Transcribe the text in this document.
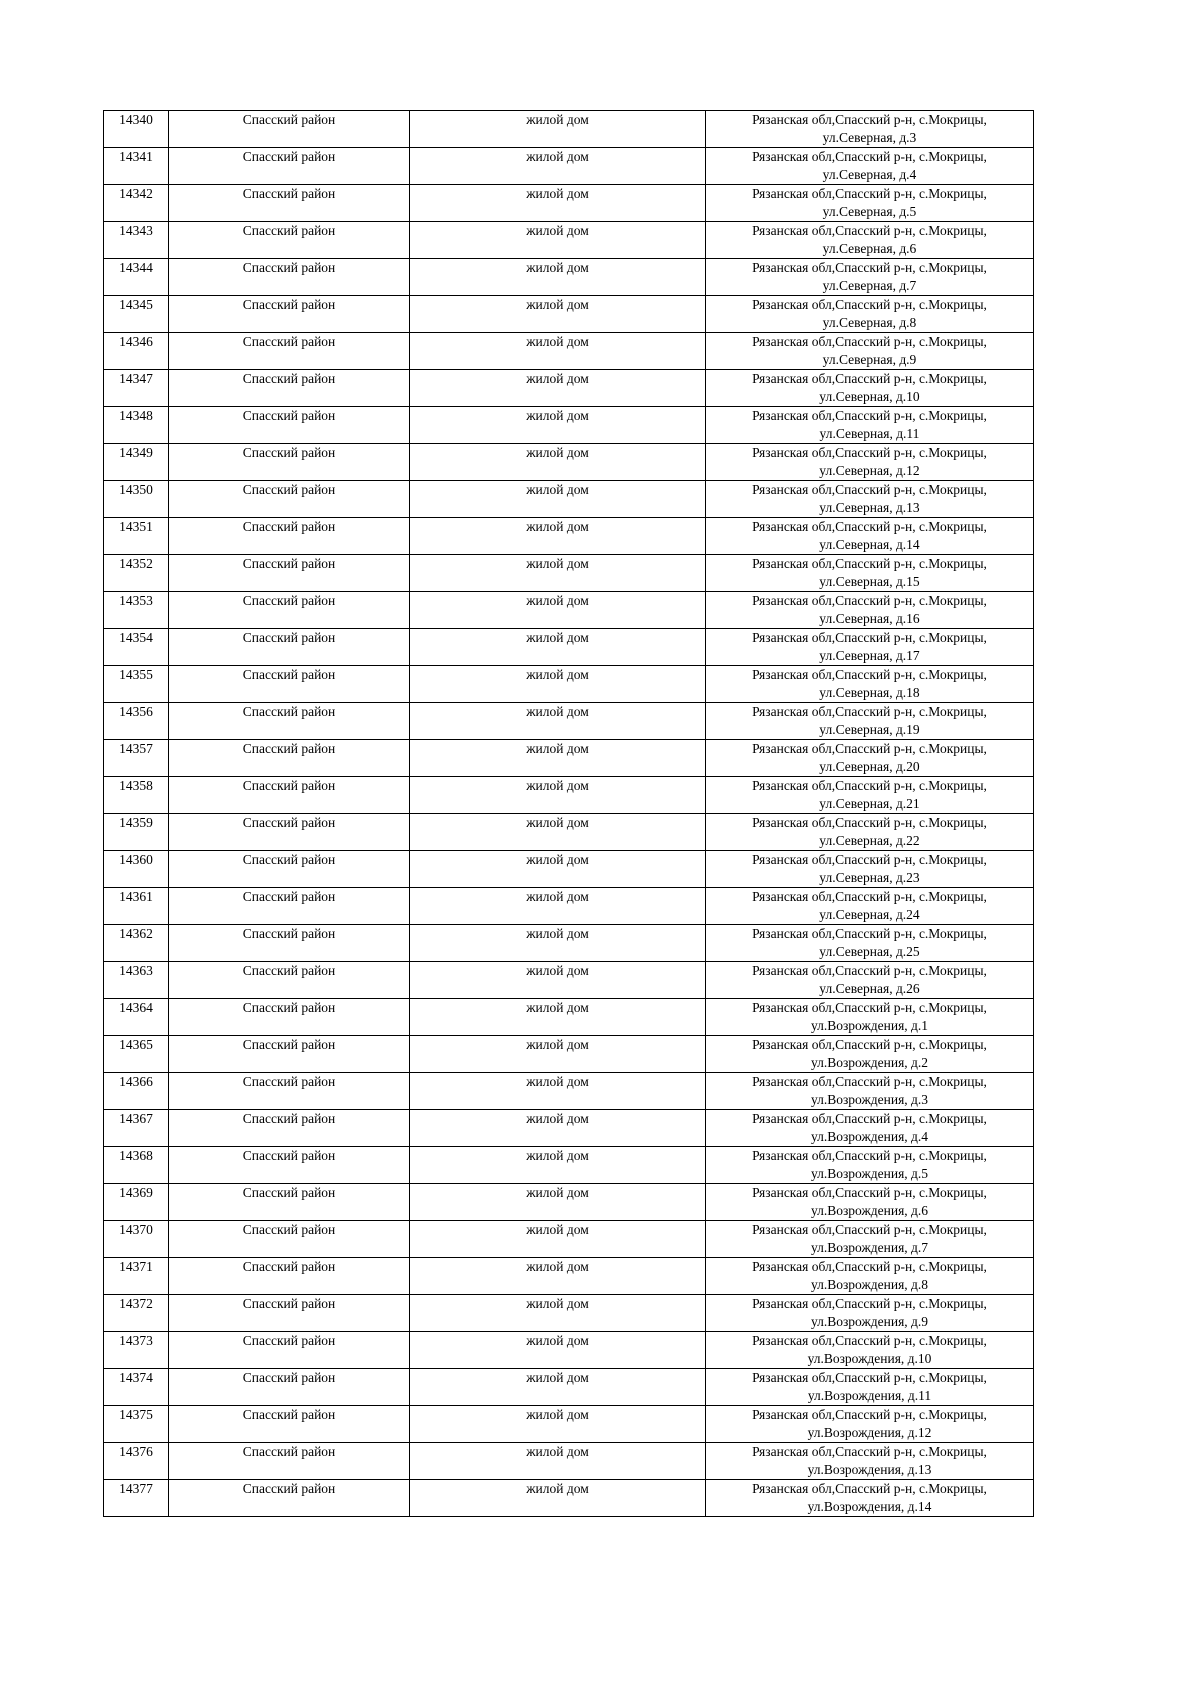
14340	Спасский район	жилой дом	Рязанская обл,Спасский р-н, с.Мокрицы,
ул.Северная, д.3

14341	Спасский район	жилой дом	Рязанская обл,Спасский р-н, с.Мокрицы,
ул.Северная, д.4

14342	Спасский район	жилой дом	Рязанская обл,Спасский р-н, с.Мокрицы,
ул.Северная, д.5

14343	Спасский район	жилой дом	Рязанская обл,Спасский р-н, с.Мокрицы,
ул.Северная, д.6

14344	Спасский район	жилой дом	Рязанская обл,Спасский р-н, с.Мокрицы,
ул.Северная, д.7

14345	Спасский район	жилой дом	Рязанская обл,Спасский р-н, с.Мокрицы,
ул.Северная, д.8

14346	Спасский район	жилой дом	Рязанская обл,Спасский р-н, с.Мокрицы,
ул.Северная, д.9

14347	Спасский район	жилой дом	Рязанская обл,Спасский р-н, с.Мокрицы,
ул.Северная, д.10

14348	Спасский район	жилой дом	Рязанская обл,Спасский р-н, с.Мокрицы,
ул.Северная, д.11

14349	Спасский район	жилой дом	Рязанская обл,Спасский р-н, с.Мокрицы,
ул.Северная, д.12

14350	Спасский район	жилой дом	Рязанская обл,Спасский р-н, с.Мокрицы,
ул.Северная, д.13

14351	Спасский район	жилой дом	Рязанская обл,Спасский р-н, с.Мокрицы,
ул.Северная, д.14

14352	Спасский район	жилой дом	Рязанская обл,Спасский р-н, с.Мокрицы,
ул.Северная, д.15

14353	Спасский район	жилой дом	Рязанская обл,Спасский р-н, с.Мокрицы,
ул.Северная, д.16

14354	Спасский район	жилой дом	Рязанская обл,Спасский р-н, с.Мокрицы,
ул.Северная, д.17

14355	Спасский район	жилой дом	Рязанская обл,Спасский р-н, с.Мокрицы,
ул.Северная, д.18

14356	Спасский район	жилой дом	Рязанская обл,Спасский р-н, с.Мокрицы,
ул.Северная, д.19

14357	Спасский район	жилой дом	Рязанская обл,Спасский р-н, с.Мокрицы,
ул.Северная, д.20

14358	Спасский район	жилой дом	Рязанская обл,Спасский р-н, с.Мокрицы,
ул.Северная, д.21

14359	Спасский район	жилой дом	Рязанская обл,Спасский р-н, с.Мокрицы,
ул.Северная, д.22

14360	Спасский район	жилой дом	Рязанская обл,Спасский р-н, с.Мокрицы,
ул.Северная, д.23

14361	Спасский район	жилой дом	Рязанская обл,Спасский р-н, с.Мокрицы,
ул.Северная, д.24

14362	Спасский район	жилой дом	Рязанская обл,Спасский р-н, с.Мокрицы,
ул.Северная, д.25

14363	Спасский район	жилой дом	Рязанская обл,Спасский р-н, с.Мокрицы,
ул.Северная, д.26

14364	Спасский район	жилой дом	Рязанская обл,Спасский р-н, с.Мокрицы,
ул.Возрождения, д.1

14365	Спасский район	жилой дом	Рязанская обл,Спасский р-н, с.Мокрицы,
ул.Возрождения, д.2

14366	Спасский район	жилой дом	Рязанская обл,Спасский р-н, с.Мокрицы,
ул.Возрождения, д.3

14367	Спасский район	жилой дом	Рязанская обл,Спасский р-н, с.Мокрицы,
ул.Возрождения, д.4

14368	Спасский район	жилой дом	Рязанская обл,Спасский р-н, с.Мокрицы,
ул.Возрождения, д.5

14369	Спасский район	жилой дом	Рязанская обл,Спасский р-н, с.Мокрицы,
ул.Возрождения, д.6

14370	Спасский район	жилой дом	Рязанская обл,Спасский р-н, с.Мокрицы,
ул.Возрождения, д.7

14371	Спасский район	жилой дом	Рязанская обл,Спасский р-н, с.Мокрицы,
ул.Возрождения, д.8

14372	Спасский район	жилой дом	Рязанская обл,Спасский р-н, с.Мокрицы,
ул.Возрождения, д.9

14373	Спасский район	жилой дом	Рязанская обл,Спасский р-н, с.Мокрицы,
ул.Возрождения, д.10

14374	Спасский район	жилой дом	Рязанская обл,Спасский р-н, с.Мокрицы,
ул.Возрождения, д.11

14375	Спасский район	жилой дом	Рязанская обл,Спасский р-н, с.Мокрицы,
ул.Возрождения, д.12

14376	Спасский район	жилой дом	Рязанская обл,Спасский р-н, с.Мокрицы,
ул.Возрождения, д.13

14377	Спасский район	жилой дом	Рязанская обл,Спасский р-н, с.Мокрицы,
ул.Возрождения, д.14
